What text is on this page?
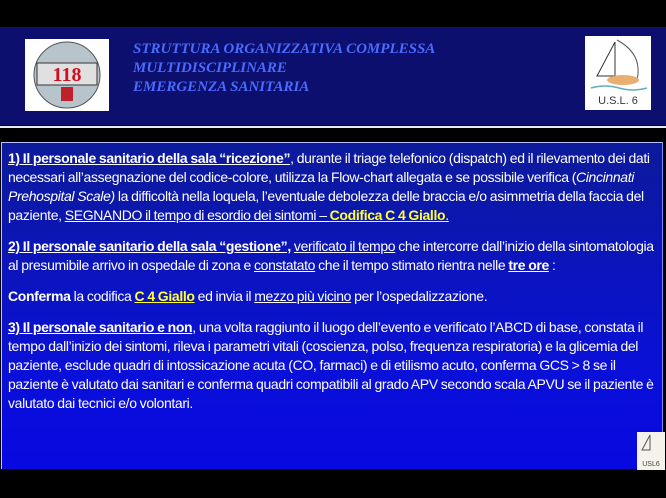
118
STRUTTURA ORGANIZZATIVA COMPLESSA
MULTIDISCIPLINARE
EMERGENZA SANITARIA
U.S.L. 6

1) Il personale sanitario della sala “ricezione”, durante il triage telefonico (dispatch) ed il rilevamento dei dati necessari all’assegnazione del codice-colore, utilizza la Flow-chart allegata e se possibile verifica (Cincinnati Prehospital Scale) la difficoltà nella loquela, l’eventuale debolezza delle braccia e/o asimmetria della faccia del paziente, SEGNANDO il tempo di esordio dei sintomi – Codifica C 4 Giallo.

2) Il personale sanitario della sala “gestione”, verificato il tempo che intercorre dall’inizio della sintomatologia al presumibile arrivo in ospedale di zona e constatato che il tempo stimato rientra nelle tre ore :

Conferma la codifica C 4 Giallo ed invia il mezzo più vicino per l’ospedalizzazione.

3) Il personale sanitario e non, una volta raggiunto il luogo dell’evento e verificato l’ABCD di base, constata il tempo dall’inizio dei sintomi, rileva i parametri vitali (coscienza, polso, frequenza respiratoria) e la glicemia del paziente, esclude quadri di intossicazione acuta (CO, farmaci) e di etilismo acuto, conferma GCS > 8 se il paziente è valutato dai sanitari e conferma quadri compatibili al grado APV secondo scala APVU se il paziente è valutato dai tecnici e/o volontari.

USL6
